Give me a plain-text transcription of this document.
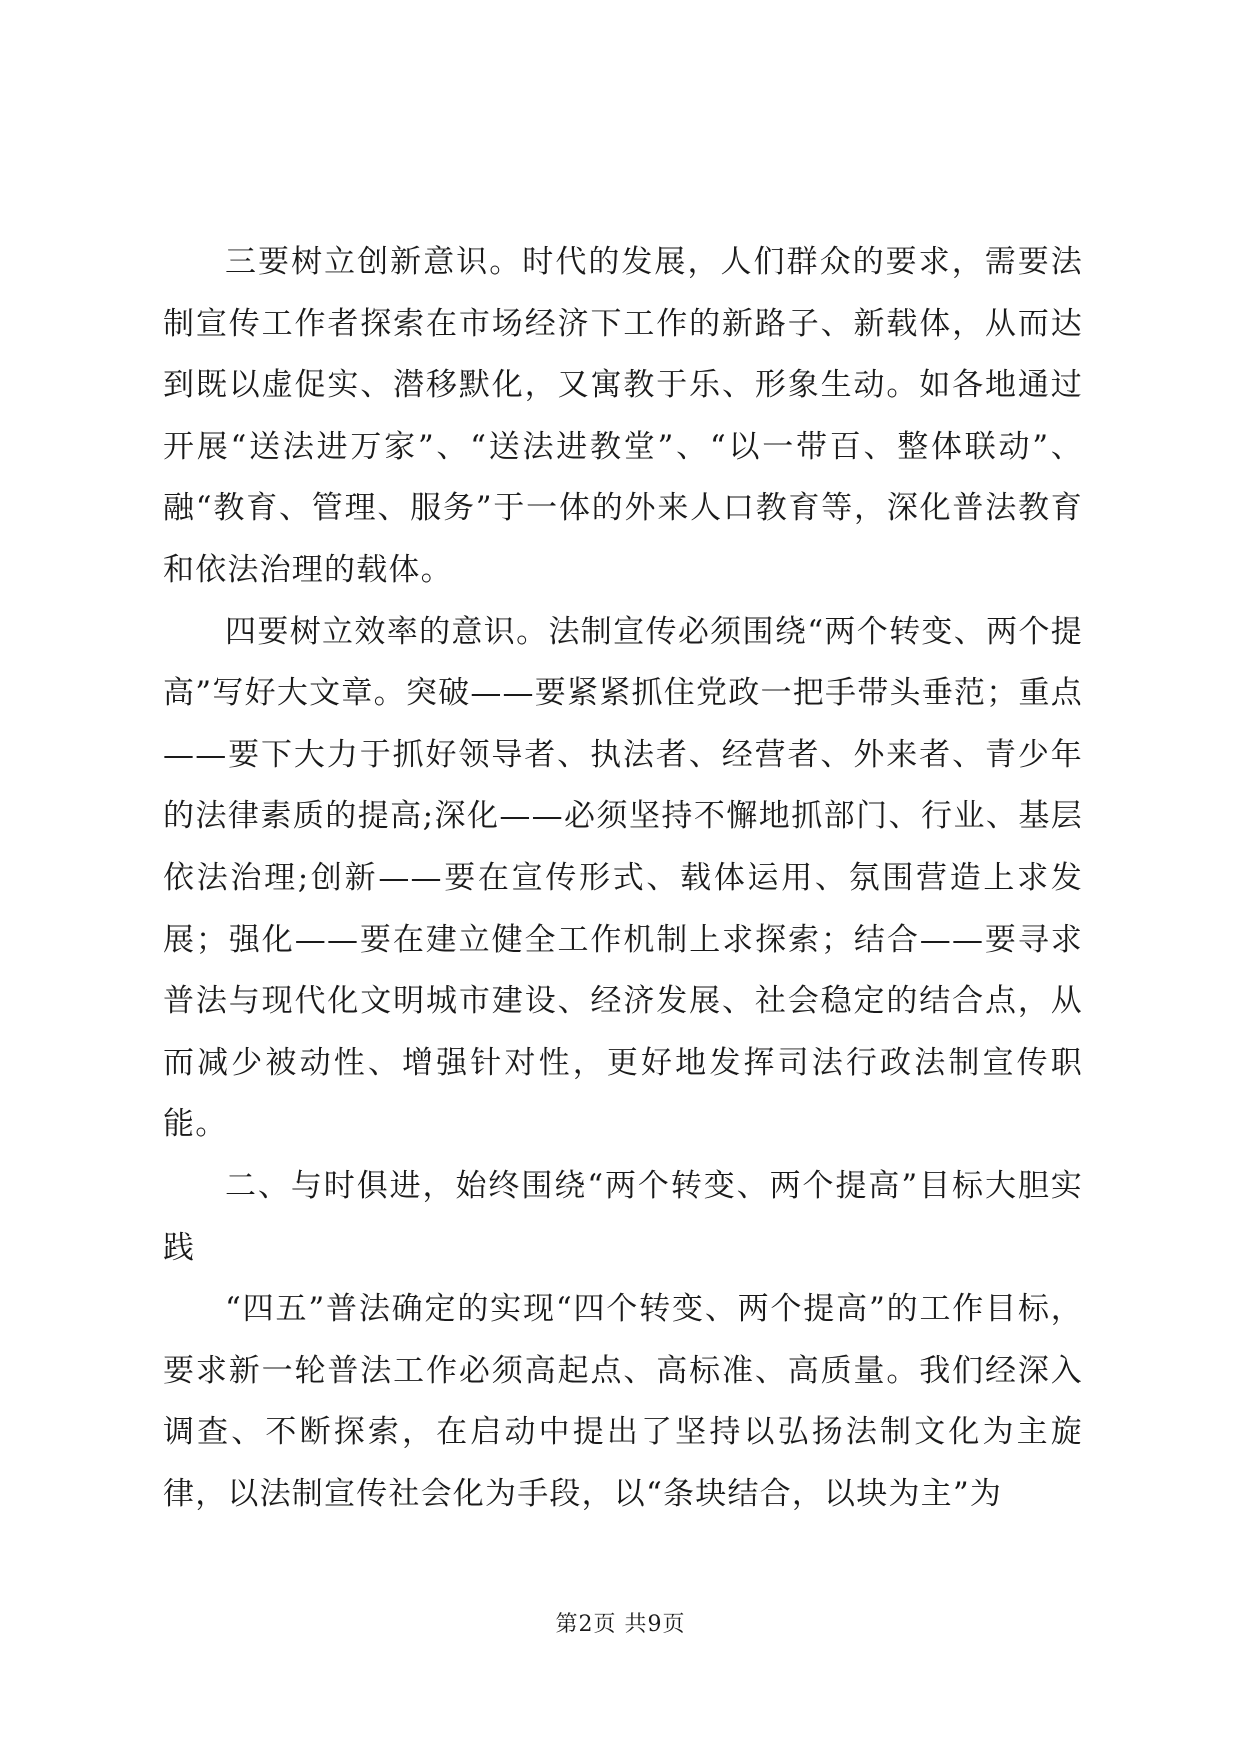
三要树立创新意识。时代的发展，人们群众的要求，需要法制宣传工作者探索在市场经济下工作的新路子、新载体，从而达到既以虚促实、潜移默化，又寓教于乐、形象生动。如各地通过开展“送法进万家”、“送法进教堂”、“以一带百、整体联动”、融“教育、管理、服务”于一体的外来人口教育等，深化普法教育和依法治理的载体。

四要树立效率的意识。法制宣传必须围绕“两个转变、两个提高”写好大文章。突破——要紧紧抓住党政一把手带头垂范；重点——要下大力于抓好领导者、执法者、经营者、外来者、青少年的法律素质的提高;深化——必须坚持不懈地抓部门、行业、基层依法治理;创新——要在宣传形式、载体运用、氛围营造上求发展；强化——要在建立健全工作机制上求探索；结合——要寻求普法与现代化文明城市建设、经济发展、社会稳定的结合点，从而减少被动性、增强针对性，更好地发挥司法行政法制宣传职能。

二、与时俱进，始终围绕“两个转变、两个提高”目标大胆实践

“四五”普法确定的实现“四个转变、两个提高”的工作目标，要求新一轮普法工作必须高起点、高标准、高质量。我们经深入调查、不断探索，在启动中提出了坚持以弘扬法制文化为主旋律，以法制宣传社会化为手段，以“条块结合，以块为主”为

第2页 共9页
